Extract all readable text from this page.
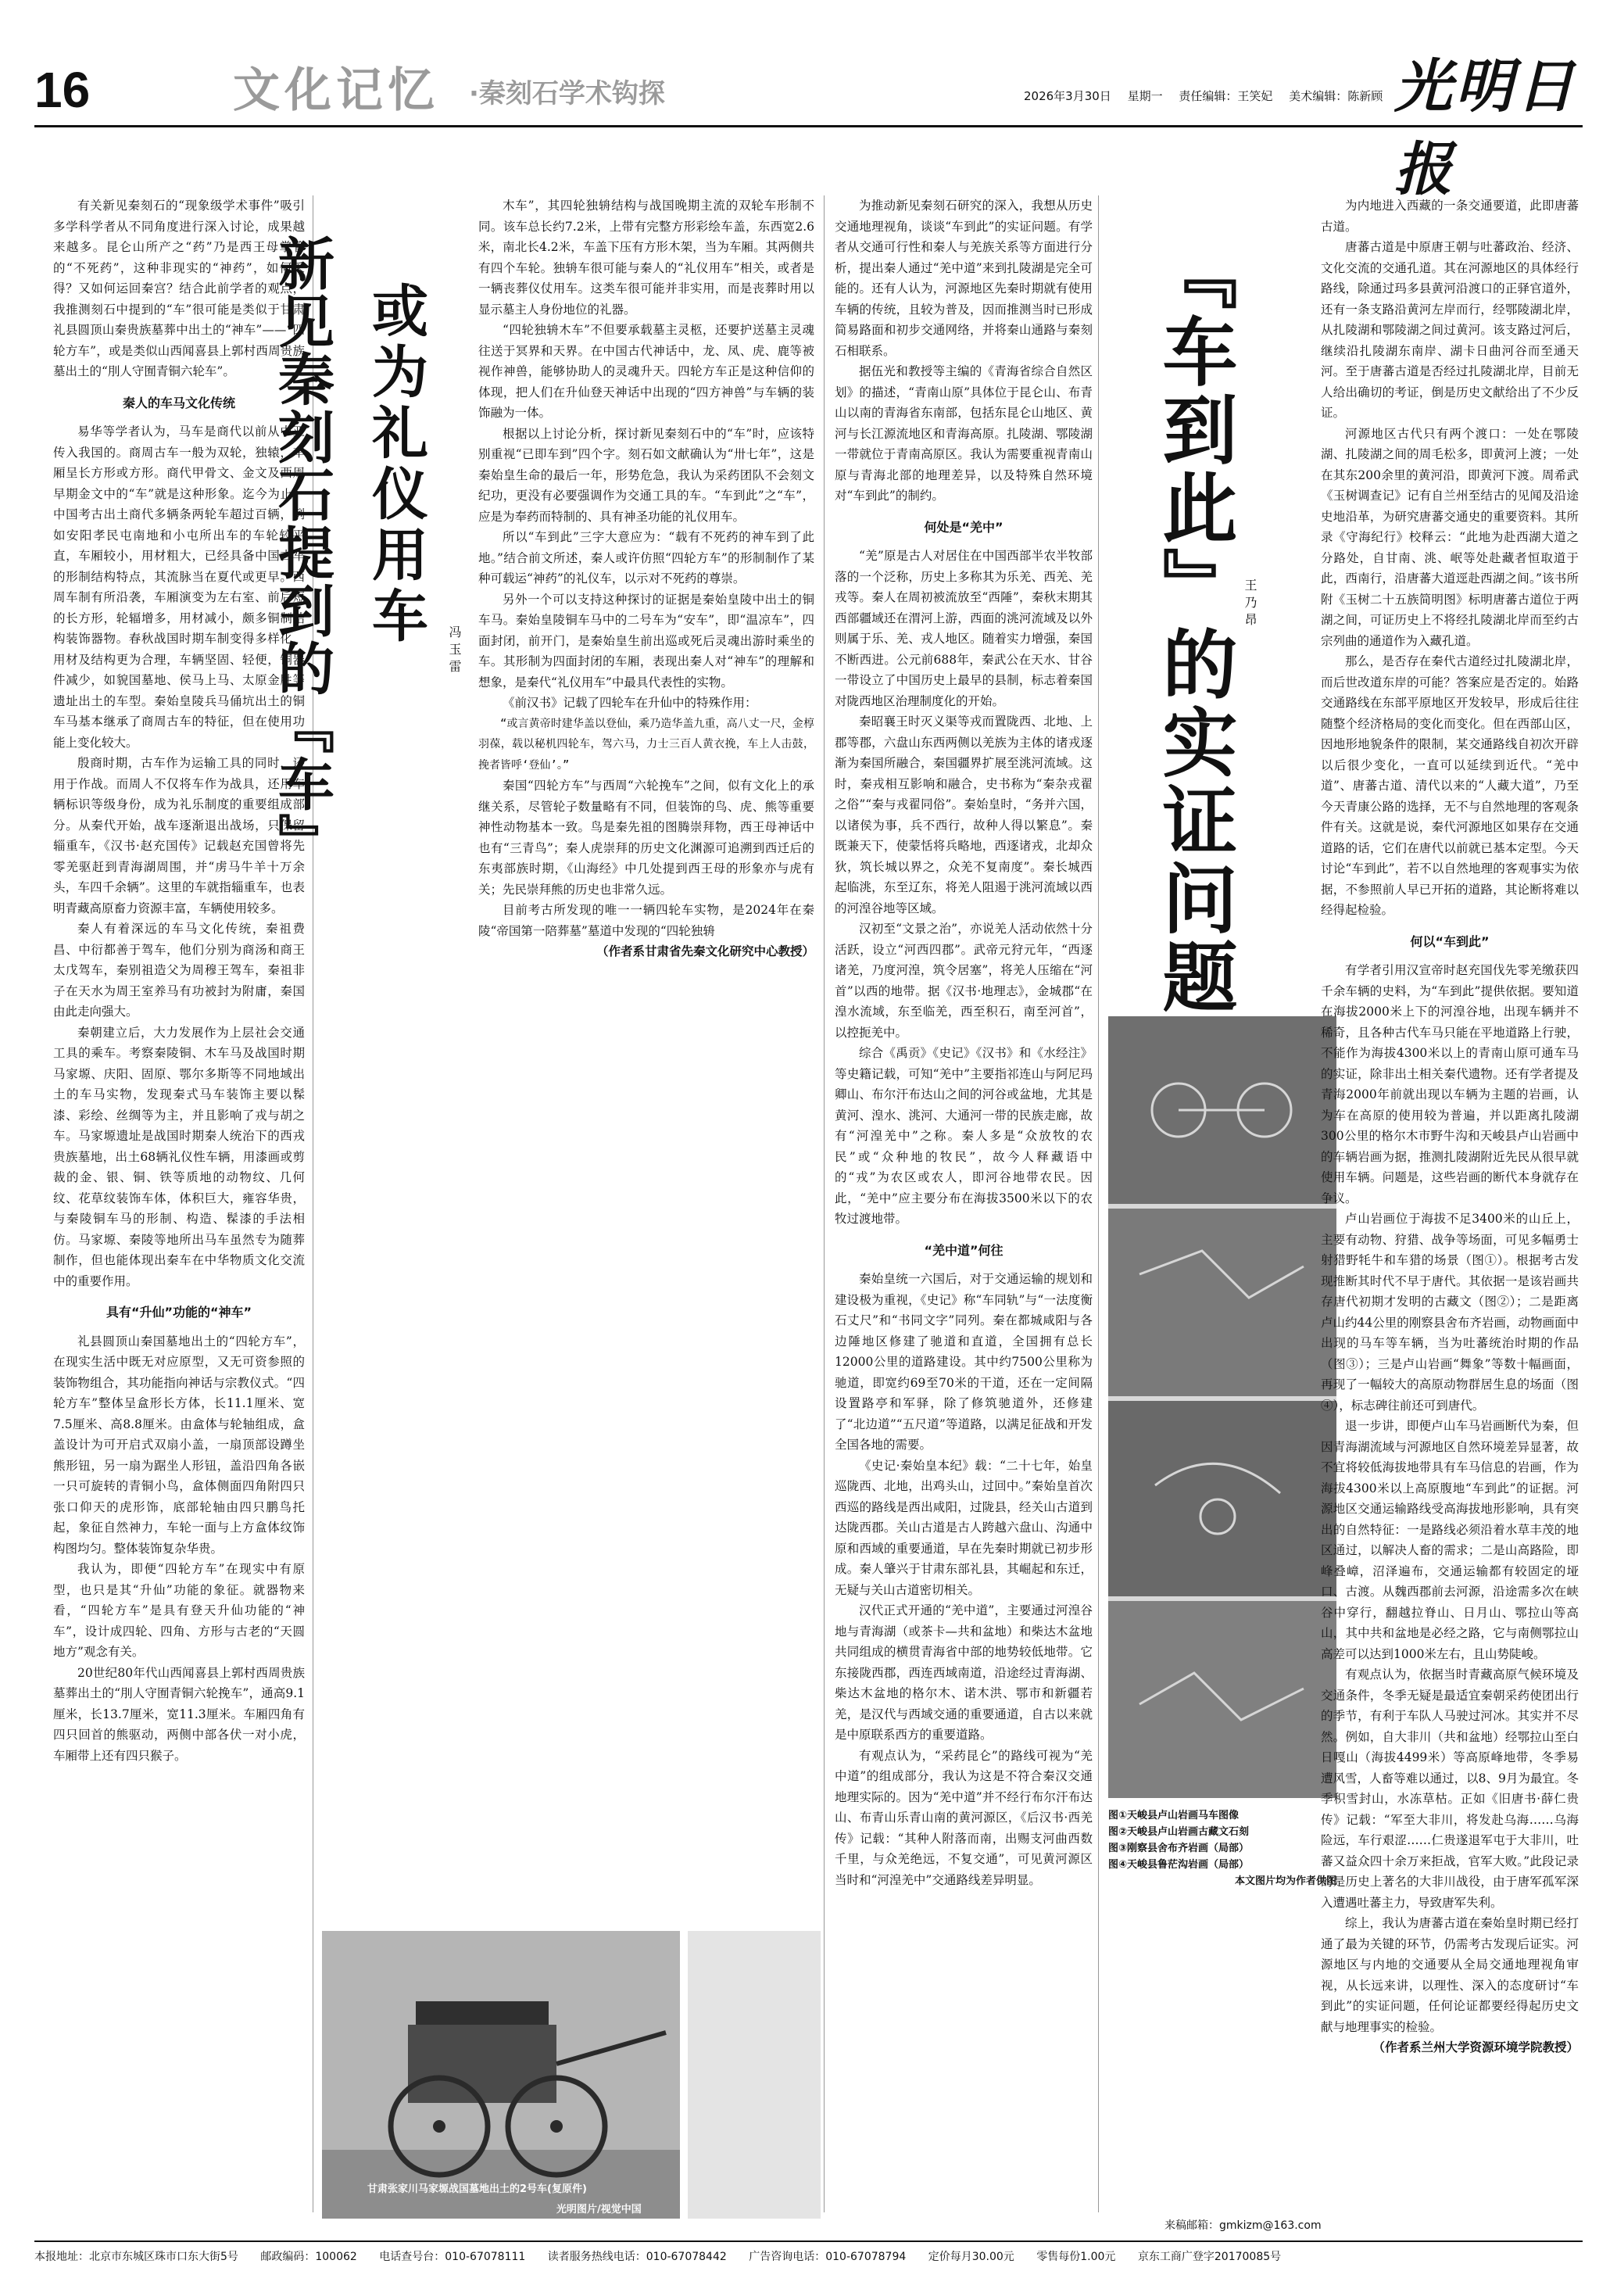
16	文化记忆 ·秦刻石学术钩探	2026年3月30日 星期一 责任编辑：王笑妃 美术编辑：陈新顾 光明日报

有关新见秦刻石的“现象级学术事件”吸引多学科学者从不同角度进行深入讨论，成果越来越多。昆仑山所产之“药”乃是西王母掌管的“不死药”，这种非现实的“神药”，如何采得？又如何运回秦宫？结合此前学者的观点，我推测刻石中提到的“车”很可能是类似于甘肃礼县圆顶山秦贵族墓葬中出土的“神车”——“四轮方车”，或是类似山西闻喜县上郭村西周贵族墓出土的“刖人守囿青铜六轮车”。

秦人的车马文化传统

易华等学者认为，马车是商代以前从中亚传入我国的。商周古车一般为双轮，独辕，车厢呈长方形或方形。商代甲骨文、金文及西周早期金文中的“车”就是这种形象。迄今为止，中国考古出土商代多辆条两轮车超过百辆，例如安阳孝民屯南地和小屯所出车的车轮较平直，车厢较小，用材粗大，已经具备中国古车的形制结构特点，其流脉当在夏代或更早。西周车制有所沿袭，车厢演变为左右室、前后短的长方形，轮辐增多，用材减小，颇多铜制结构装饰器物。春秋战国时期车制变得多样化，用材及结构更为合理，车辆坚固、轻便，铜器件减少，如貌国墓地、侯马上马、太原金胜等遗址出土的车型。秦始皇陵兵马俑坑出土的铜车马基本继承了商周古车的特征，但在使用功能上变化较大。

殷商时期，古车作为运输工具的同时，还用于作战。而周人不仅将车作为战具，还用车辆标识等级身份，成为礼乐制度的重要组成部分。从秦代开始，战车逐渐退出战场，只保留辎重车，《汉书·赵充国传》记载赵充国曾将先零羌驱赶到青海湖周围，并“虏马牛羊十万余头，车四千余辆”。这里的车就指辎重车，也表明青藏高原畜力资源丰富，车辆使用较多。

秦人有着深远的车马文化传统，秦祖费昌、中衍都善于驾车，他们分别为商汤和商王太戊驾车，秦别祖造父为周穆王驾车，秦祖非子在天水为周王室养马有功被封为附庸，秦国由此走向强大。

秦朝建立后，大力发展作为上层社会交通工具的乘车。考察秦陵铜、木车马及战国时期马家塬、庆阳、固原、鄂尔多斯等不同地域出土的车马实物，发现秦式马车装饰主要以髹漆、彩绘、丝绸等为主，并且影响了戎与胡之车。马家塬遗址是战国时期秦人统治下的西戎贵族墓地，出土68辆礼仪性车辆，用漆画或剪裁的金、银、铜、铁等质地的动物纹、几何纹、花草纹装饰车体，体积巨大，雍容华贵，与秦陵铜车马的形制、构造、髹漆的手法相仿。马家塬、秦陵等地所出马车虽然专为随葬制作，但也能体现出秦车在中华物质文化交流中的重要作用。

具有“升仙”功能的“神车”

礼县圆顶山秦国墓地出土的“四轮方车”，在现实生活中既无对应原型，又无可资参照的装饰物组合，其功能指向神话与宗教仪式。“四轮方车”整体呈盒形长方体，长11.1厘米、宽7.5厘米、高8.8厘米。由盒体与轮轴组成，盒盖设计为可开启式双扇小盖，一扇顶部设蹲坐熊形钮，另一扇为踞坐人形钮，盖沿四角各嵌一只可旋转的青铜小鸟，盒体侧面四角附四只张口仰天的虎形饰，底部轮轴由四只鹏鸟托起，象征自然神力，车轮一面与上方盒体纹饰构图均匀。整体装饰复杂华贵。

我认为，即便“四轮方车”在现实中有原型，也只是其“升仙”功能的象征。就器物来看，“四轮方车”是具有登天升仙功能的“神车”，设计成四轮、四角、方形与古老的“天圆地方”观念有关。

20世纪80年代山西闻喜县上郭村西周贵族墓葬出土的“刖人守囿青铜六轮挽车”，通高9.1厘米，长13.7厘米，宽11.3厘米。车厢四角有四只回首的熊驱动，两侧中部各伏一对小虎，车厢带上还有四只猴子。

或为礼仪用车
新见秦刻石提到的『车』	冯玉雷

木车”，其四轮独辀结构与战国晚期主流的双轮车形制不同。该车总长约7.2米，上带有完整方形彩绘车盖，东西宽2.6米，南北长4.2米，车盖下压有方形木架，当为车厢。其两侧共有四个车轮。独辀车很可能与秦人的“礼仪用车”相关，或者是一辆丧葬仪仗用车。这类车很可能并非实用，而是丧葬时用以显示墓主人身份地位的礼器。

“四轮独辀木车”不但要承载墓主灵柩，还要护送墓主灵魂往送于冥界和天界。在中国古代神话中，龙、凤、虎、鹿等被视作神兽，能够协助人的灵魂升天。四轮方车正是这种信仰的体现，把人们在升仙登天神话中出现的“四方神兽”与车辆的装饰融为一体。

根据以上讨论分析，探讨新见秦刻石中的“车”时，应该特别重视“已即车到”四个字。刻石如文献确认为“卅七年”，这是秦始皇生命的最后一年，形势危急，我认为采药团队不会刻文纪功，更没有必要强调作为交通工具的车。“车到此”之“车”，应是为奉药而特制的、具有神圣功能的礼仪用车。

所以“车到此”三字大意应为：“载有不死药的神车到了此地。”结合前文所述，秦人或许仿照“四轮方车”的形制制作了某种可载运“神药”的礼仪车，以示对不死药的尊崇。

另外一个可以支持这种探讨的证据是秦始皇陵中出土的铜车马。秦始皇陵铜车马中的二号车为“安车”，即“温凉车”，四面封闭，前开门，是秦始皇生前出巡或死后灵魂出游时乘坐的车。其形制为四面封闭的车厢，表现出秦人对“神车”的理解和想象，是秦代“礼仪用车”中最具代表性的实物。

《前汉书》记载了四轮车在升仙中的特殊作用：

“或言黄帝时建华盖以登仙，乘乃造华盖九重，高八丈一尺，金椁羽葆，载以秘机四轮车，驾六马，力士三百人黄衣挽，车上人击鼓，挽者皆呼‘登仙’。”

秦国“四轮方车”与西周“六轮挽车”之间，似有文化上的承继关系，尽管轮子数量略有不同，但装饰的鸟、虎、熊等重要神性动物基本一致。鸟是秦先祖的图腾崇拜物，西王母神话中也有“三青鸟”；秦人虎崇拜的历史文化渊源可追溯到西迁后的东夷部族时期，《山海经》中几处提到西王母的形象亦与虎有关；先民崇拜熊的历史也非常久远。

目前考古所发现的唯一一辆四轮车实物，是2024年在秦陵“帝国第一陪葬墓”墓道中发现的“四轮独辀

（作者系甘肃省先秦文化研究中心教授）

甘肃张家川马家塬战国墓地出土的2号车(复原件)
光明图片/视觉中国

为推动新见秦刻石研究的深入，我想从历史交通地理视角，谈谈“车到此”的实证问题。有学者从交通可行性和秦人与羌族关系等方面进行分析，提出秦人通过“羌中道”来到扎陵湖是完全可能的。还有人认为，河源地区先秦时期就有使用车辆的传统，且较为普及，因而推测当时已形成简易路面和初步交通网络，并将秦山通路与秦刻石相联系。

据伍光和教授等主编的《青海省综合自然区划》的描述，“青南山原”具体位于昆仑山、布青山以南的青海省东南部，包括东昆仑山地区、黄河与长江源流地区和青海高原。扎陵湖、鄂陵湖一带就位于青南高原区。我认为需要重视青南山原与青海北部的地理差异，以及特殊自然环境对“车到此”的制约。

何处是“羌中”

“羌”原是古人对居住在中国西部半农半牧部落的一个泛称，历史上多称其为乐羌、西羌、羌戎等。秦人在周初被流放至“西陲”，秦秋末期其西部疆域还在渭河上游，西面的洮河流域及以外则属于乐、羌、戎人地区。随着实力增强，秦国不断西进。公元前688年，秦武公在天水、甘谷一带设立了中国历史上最早的县制，标志着秦国对陇西地区治理制度化的开始。

秦昭襄王时灭义渠等戎而置陇西、北地、上郡等郡，六盘山东西两侧以羌族为主体的诸戎逐渐为秦国所融合，秦国疆界扩展至洮河流域。这时，秦戎相互影响和融合，史书称为“秦杂戎翟之俗”“秦与戎翟同俗”。秦始皇时，“务并六国，以诸侯为事，兵不西行，故种人得以繁息”。秦既兼天下，使蒙恬将兵略地，西逐诸戎，北却众狄，筑长城以界之，众羌不复南度”。秦长城西起临洮，东至辽东，将羌人阻遏于洮河流域以西的河湟谷地等区域。

汉初至“文景之治”，亦说羌人活动依然十分活跃，设立“河西四郡”。武帝元狩元年，“西逐诸羌，乃度河湟，筑令居塞”，将羌人压缩在“河首”以西的地带。据《汉书·地理志》，金城郡“在湟水流域，东至临羌，西至积石，南至河首”，以控扼羌中。

综合《禹贡》《史记》《汉书》和《水经注》等史籍记载，可知“羌中”主要指祁连山与阿尼玛卿山、布尔汗布达山之间的河谷或盆地，尤其是黄河、湟水、洮河、大通河一带的民族走廊，故有“河湟羌中”之称。秦人多是“众放牧的农民”或“众种地的牧民”，故今人释藏语中的“戎”为农区或农人，即河谷地带农民。因此，“羌中”应主要分布在海拔3500米以下的农牧过渡地带。

“羌中道”何往

秦始皇统一六国后，对于交通运输的规划和建设极为重视，《史记》称“车同轨”与“一法度衡石丈尺”和“书同文字”同列。秦在都城咸阳与各边陲地区修建了驰道和直道，全国拥有总长12000公里的道路建设。其中约7500公里称为驰道，即宽约69至70米的干道，还在一定间隔设置路亭和军驿，除了修筑驰道外，还修建了“北边道”“五尺道”等道路，以满足征战和开发全国各地的需要。

《史记·秦始皇本纪》载：“二十七年，始皇巡陇西、北地，出鸡头山，过回中。”秦始皇首次西巡的路线是西出咸阳，过陇县，经关山古道到达陇西郡。关山古道是古人跨越六盘山、沟通中原和西域的重要通道，早在先秦时期就已初步形成。秦人肇兴于甘肃东部礼县，其崛起和东迁，无疑与关山古道密切相关。

汉代正式开通的“羌中道”，主要通过河湟谷地与青海湖（或茶卡—共和盆地）和柴达木盆地共同组成的横贯青海省中部的地势较低地带。它东接陇西郡，西连西域南道，沿途经过青海湖、柴达木盆地的格尔木、诺木洪、鄂市和新疆若羌，是汉代与西域交通的重要通道，自古以来就是中原联系西方的重要道路。

有观点认为，“采药昆仑”的路线可视为“羌中道”的组成部分，我认为这是不符合秦汉交通地理实际的。因为“羌中道”并不经行布尔汗布达山、布青山乐青山南的黄河源区，《后汉书·西羌传》记载：“其种人附落而南，出赐支河曲西数千里，与众羌绝远，不复交通”，可见黄河源区当时和“河湟羌中”交通路线差异明显。

『车到此』的实证问题 王乃昂
图①天峻县卢山岩画马车图像
图②天峻县卢山岩画古藏文石刻
图③刚察县舍布齐岩画（局部）
图④天峻县鲁茫沟岩画（局部）
本文图片均为作者供图

为内地进入西藏的一条交通要道，此即唐蕃古道。

唐蕃古道是中原唐王朝与吐蕃政治、经济、文化交流的交通孔道。其在河源地区的具体经行路线，除通过玛多县黄河沿渡口的正驿官道外，还有一条支路沿黄河左岸而行，经鄂陵湖北岸，从扎陵湖和鄂陵湖之间过黄河。该支路过河后，继续沿扎陵湖东南岸、湖卡日曲河谷而至通天河。至于唐蕃古道是否经过扎陵湖北岸，目前无人给出确切的考证，倒是历史文献给出了不少反证。

河源地区古代只有两个渡口：一处在鄂陵湖、扎陵湖之间的周毛松多，即黄河上渡；一处在其东200余里的黄河沿，即黄河下渡。周希武《玉树调查记》记有自兰州至结古的见闻及沿途史地沿革，为研究唐蕃交通史的重要资料。其所录《守海纪行》校释云：“此地为赴西湖大道之分路处，自甘南、洮、岷等处赴藏者恒取道于此，西南行，沿唐蕃大道逕赴西湖之间。”该书所附《玉树二十五族简明图》标明唐蕃古道位于两湖之间，可证历史上不将经扎陵湖北岸而至约古宗列曲的通道作为入藏孔道。

那么，是否存在秦代古道经过扎陵湖北岸，而后世改道东岸的可能？答案应是否定的。始路交通路线在东部平原地区开发较早，形成后往往随整个经济格局的变化而变化。但在西部山区，因地形地貌条件的限制，某交通路线自初次开辟以后很少变化，一直可以延续到近代。“羌中道”、唐蕃古道、清代以来的“人藏大道”，乃至今天青康公路的选择，无不与自然地理的客观条件有关。这就是说，秦代河源地区如果存在交通道路的话，它们在唐代以前就已基本定型。今天讨论“车到此”，若不以自然地理的客观事实为依据，不参照前人早已开拓的道路，其论断将难以经得起检验。

何以“车到此”

有学者引用汉宣帝时赵充国伐先零羌缴获四千余车辆的史料，为“车到此”提供依据。要知道在海拔2000米上下的河湟谷地，出现车辆并不稀奇，且各种古代车马只能在平地道路上行驶，不能作为海拔4300米以上的青南山原可通车马的实证，除非出土相关秦代遗物。还有学者提及青海2000年前就出现以车辆为主题的岩画，认为车在高原的使用较为普遍，并以距离扎陵湖300公里的格尔木市野牛沟和天峻县卢山岩画中的车辆岩画为据，推测扎陵湖附近先民从很早就使用车辆。问题是，这些岩画的断代本身就存在争议。

卢山岩画位于海拔不足3400米的山丘上，主要有动物、狩猎、战争等场面，可见多幅勇士射猎野牦牛和车猎的场景（图①）。根据考古发现推断其时代不早于唐代。其依据一是该岩画共存唐代初期才发明的古藏文（图②）；二是距离卢山约44公里的刚察县舍布齐岩画，动物画面中出现的马车等车辆，当为吐蕃统治时期的作品（图③）；三是卢山岩画“舞象”等数十幅画面，再现了一幅较大的高原动物群居生息的场面（图④），标志碑往前还可到唐代。

退一步讲，即便卢山车马岩画断代为秦，但因青海湖流域与河源地区自然环境差异显著，故不宜将较低海拔地带具有车马信息的岩画，作为海拔4300米以上高原腹地“车到此”的证据。河源地区交通运输路线受高海拔地形影响，具有突出的自然特征：一是路线必须沿着水草丰茂的地区通过，以解决人畜的需求；二是山高路险，即峰叠嶂，沼泽遍布，交通运输都有较固定的垭口、古渡。从魏西郡前去河源，沿途需多次在峡谷中穿行，翻越拉脊山、日月山、鄂拉山等高山，其中共和盆地是必经之路，它与南侧鄂拉山高差可以达到1000米左右，且山势陡峻。

有观点认为，依据当时青藏高原气候环境及交通条件，冬季无疑是最适宜秦朝采药使团出行的季节，有利于车队人马驶过河冰。其实并不尽然。例如，自大非川（共和盆地）经鄂拉山至白日嘎山（海拔4499米）等高原峰地带，冬季易遭风雪，人畜等难以通过，以8、9月为最宜。冬季积雪封山，水冻草枯。正如《旧唐书·薛仁贵传》记载：“军至大非川，将发赴乌海……乌海险远，车行艰涩……仁贵遂退军屯于大非川，吐蕃又益众四十余万来拒战，官军大败。”此段记录的是历史上著名的大非川战役，由于唐军孤军深入遭遇吐蕃主力，导致唐军失利。

综上，我认为唐蕃古道在秦始皇时期已经打通了最为关键的环节，仍需考古发现后证实。河源地区与内地的交通要从全局交通地理视角审视，从长远来讲，以理性、深入的态度研讨“车到此”的实证问题，任何论证都要经得起历史文献与地理事实的检验。

（作者系兰州大学资源环境学院教授）

来稿邮箱：gmkizm@163.com
本报地址：北京市东城区珠市口东大街5号 邮政编码：100062 电话查号台：010-67078111 读者服务热线电话：010-67078442 广告咨询电话：010-67078794 定价每月30.00元 零售每份1.00元 京东工商广登字20170085号
